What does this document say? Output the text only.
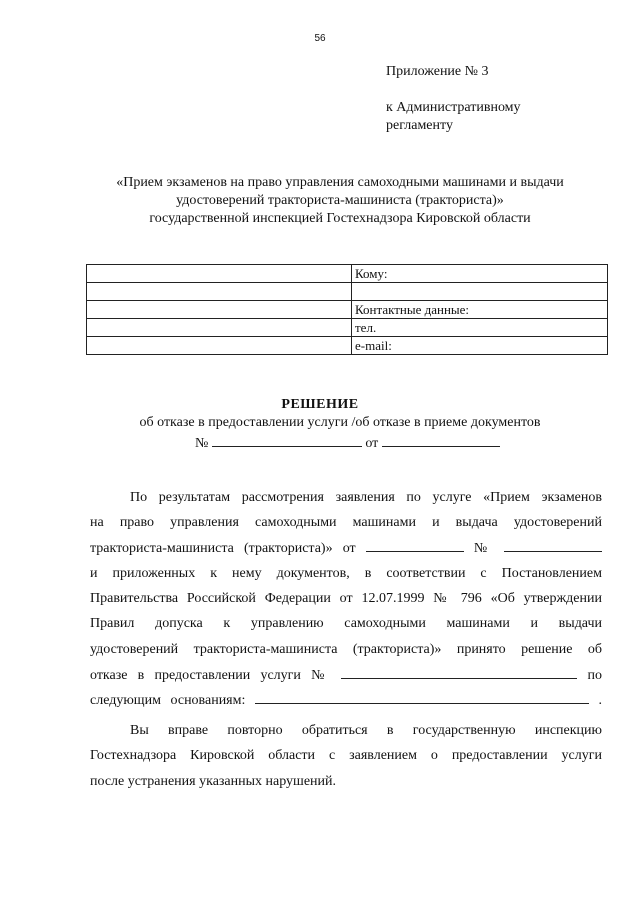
56
Приложение № 3
к Административному
регламенту
«Прием экзаменов на право управления самоходными машинами и выдачи
удостоверений тракториста-машиниста (тракториста)»
государственной инспекцией Гостехнадзора Кировской области
	Кому:

	Контактные данные:
	тел.
	e-mail:
РЕШЕНИЕ
об отказе в предоставлении услуги /об отказе в приеме документов
№	от
По результатам рассмотрения заявления по услуге «Прием экзаменов
на право управления самоходными машинами и выдача удостоверений
тракториста-машиниста (тракториста)» от	№
и приложенных к нему документов, в соответствии с Постановлением
Правительства Российской Федерации от 12.07.1999 № 796 «Об утверждении
Правил допуска к управлению самоходными машинами и выдачи
удостоверений тракториста-машиниста (тракториста)» принято решение об
отказе в предоставлении услуги №	по
следующим основаниям:	.
Вы вправе повторно обратиться в государственную инспекцию
Гостехнадзора Кировской области с заявлением о предоставлении услуги
после устранения указанных нарушений.
